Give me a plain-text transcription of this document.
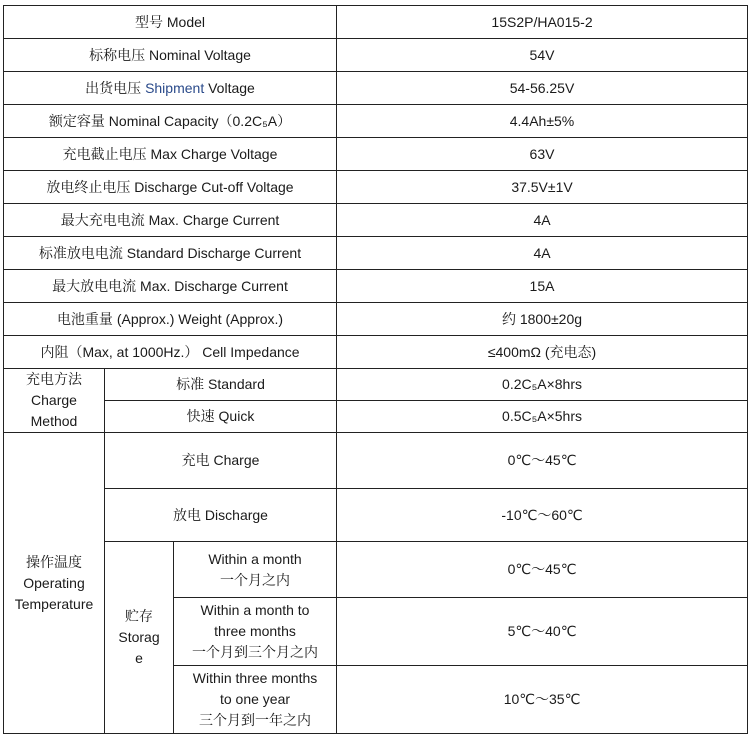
型号 Model			15S2P/HA015-2
标称电压 Nominal Voltage			54V
出货电压 Shipment Voltage			54-56.25V
额定容量 Nominal Capacity（0.2C₅A）			4.4Ah±5%
充电截止电压 Max Charge Voltage			63V
放电终止电压 Discharge Cut-off Voltage			37.5V±1V
最大充电电流 Max. Charge Current			4A
标准放电电流 Standard Discharge Current			4A
最大放电电流 Max. Discharge Current			15A
电池重量 (Approx.) Weight (Approx.)			约 1800±20g
内阻（Max, at 1000Hz.） Cell Impedance			≤400mΩ (充电态)

充电方法
Charge
Method	标准 Standard		0.2C₅A×8hrs
	快速 Quick		0.5C₅A×5hrs

操作温度
Operating
Temperature	充电 Charge		0℃～45℃
	放电 Discharge		-10℃～60℃

	贮存
Storag
e	Within a month
一个月之内	0℃～45℃

		Within a month to
three months
一个月到三个月之内	5℃～40℃

		Within three months
to one year
三个月到一年之内	10℃～35℃
